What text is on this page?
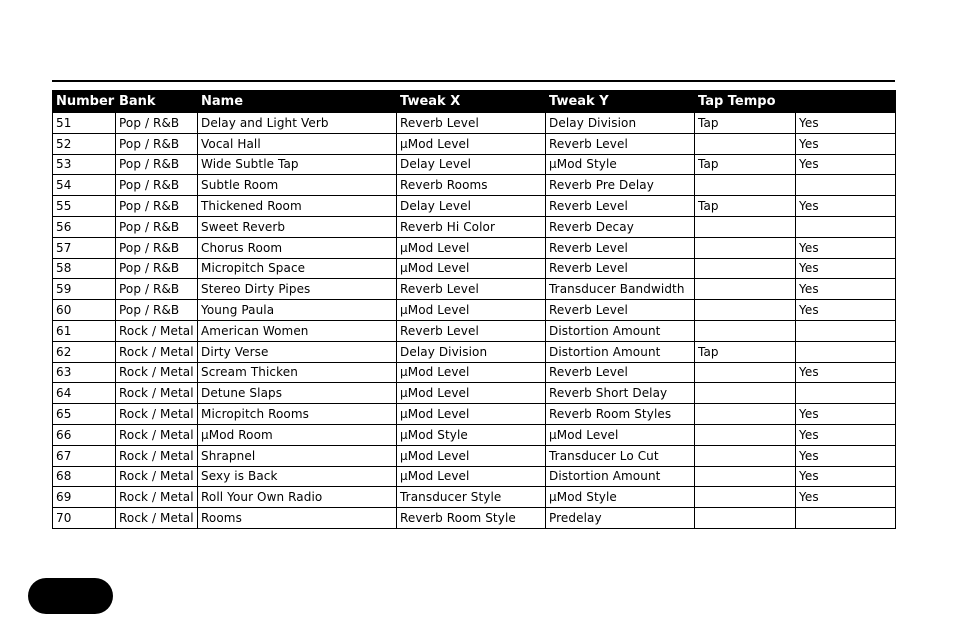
Number	Bank	Name	Tweak X	Tweak Y	Tap Tempo	
51	Pop / R&B	Delay and Light Verb	Reverb Level	Delay Division	Tap	Yes
52	Pop / R&B	Vocal Hall	µMod Level	Reverb Level		Yes
53	Pop / R&B	Wide Subtle Tap	Delay Level	µMod Style	Tap	Yes
54	Pop / R&B	Subtle Room	Reverb Rooms	Reverb Pre Delay		
55	Pop / R&B	Thickened Room	Delay Level	Reverb Level	Tap	Yes
56	Pop / R&B	Sweet Reverb	Reverb Hi Color	Reverb Decay		
57	Pop / R&B	Chorus Room	µMod Level	Reverb Level		Yes
58	Pop / R&B	Micropitch Space	µMod Level	Reverb Level		Yes
59	Pop / R&B	Stereo Dirty Pipes	Reverb Level	Transducer Bandwidth		Yes
60	Pop / R&B	Young Paula	µMod Level	Reverb Level		Yes
61	Rock / Metal	American Women	Reverb Level	Distortion Amount		
62	Rock / Metal	Dirty Verse	Delay Division	Distortion Amount	Tap	
63	Rock / Metal	Scream Thicken	µMod Level	Reverb Level		Yes
64	Rock / Metal	Detune Slaps	µMod Level	Reverb Short Delay		
65	Rock / Metal	Micropitch Rooms	µMod Level	Reverb Room Styles		Yes
66	Rock / Metal	µMod Room	µMod Style	µMod Level		Yes
67	Rock / Metal	Shrapnel	µMod Level	Transducer Lo Cut		Yes
68	Rock / Metal	Sexy is Back	µMod Level	Distortion Amount		Yes
69	Rock / Metal	Roll Your Own Radio	Transducer Style	µMod Style		Yes
70	Rock / Metal	Rooms	Reverb Room Style	Predelay		
